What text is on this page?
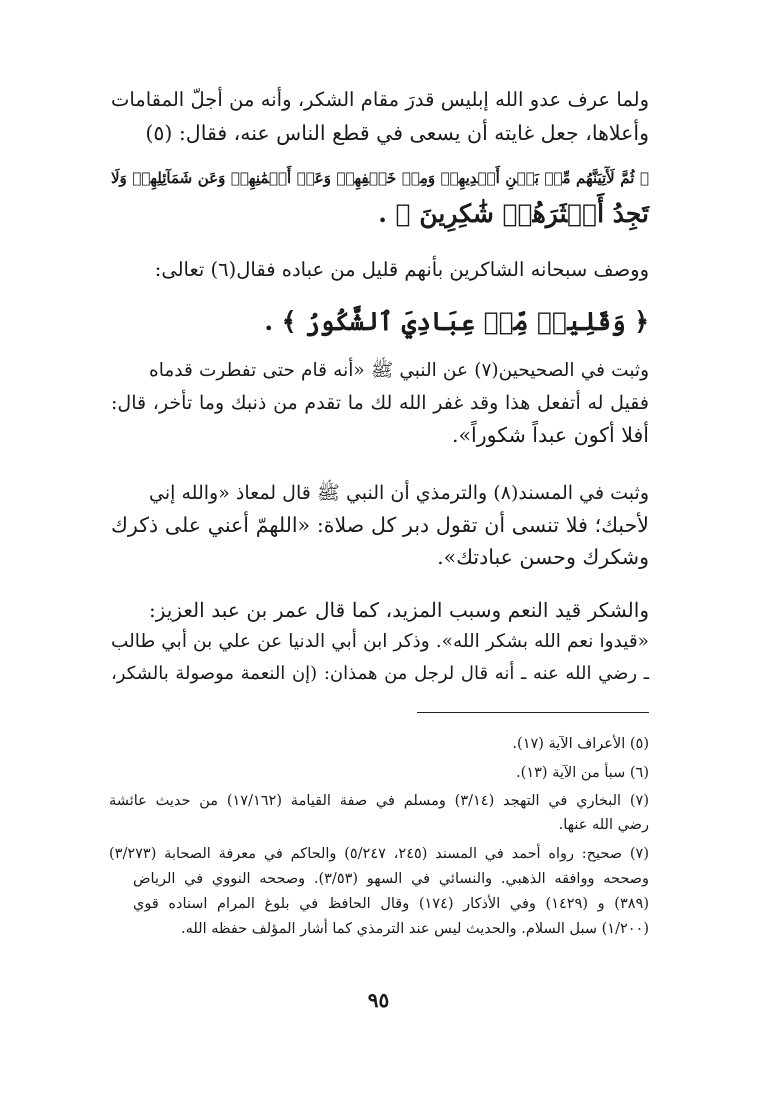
ولما عرف عدو الله إبليس قدرَ مقام الشكر، وأنه من أجلّ المقامات
وأعلاها، جعل غايته أن يسعى في قطع الناس عنه، فقال: (٥)
﴿ ثُمَّ لَأٓتِيَنَّهُم مِّنۢ بَيۡنِ أَيۡدِيهِمۡ وَمِنۡ خَلۡفِهِمۡ وَعَنۡ أَيۡمَٰنِهِمۡ وَعَن شَمَآئِلِهِمۡ وَلَا
تَجِدُ أَكۡثَرَهُمۡ شَٰكِرِينَ ﴾ .
ووصف سبحانه الشاكرين بأنهم قليل من عباده فقال(٦) تعالى:
﴿ وَقَلِيلٞ مِّنۡ عِبَادِيَ ٱلشَّكُورُ ﴾ .
وثبت في الصحيحين(٧) عن النبي ﷺ «أنه قام حتى تفطرت قدماه
فقيل له أتفعل هذا وقد غفر الله لك ما تقدم من ذنبك وما تأخر، قال:
أفلا أكون عبداً شكوراً».
وثبت في المسند(٨) والترمذي أن النبي ﷺ قال لمعاذ «والله إني
لأحبك؛ فلا تنسى أن تقول دبر كل صلاة: «اللهمّ أعني على ذكرك
وشكرك وحسن عبادتك».
والشكر قيد النعم وسبب المزيد، كما قال عمر بن عبد العزيز:
«قيدوا نعم الله بشكر الله». وذكر ابن أبي الدنيا عن علي بن أبي طالب
ـ رضي الله عنه ـ أنه قال لرجل من همذان: (إن النعمة موصولة بالشكر،
(٥) الأعراف الآية (١٧).
(٦) سبأ من الآية (١٣).
(٧) البخاري في التهجد (٣/١٤) ومسلم في صفة القيامة (١٧/١٦٢) من حديث عائشة
رضي الله عنها.
(٧) صحيح: رواه أحمد في المسند (٢٤٥، ٥/٢٤٧) والحاكم في معرفة الصحابة (٣/٢٧٣)
وصححه ووافقه الذهبي. والنسائي في السهو (٣/٥٣). وصححه النووي في الرياض
(٣٨٩) و (١٤٢٩) وفي الأذكار (١٧٤) وقال الحافظ في بلوغ المرام اسناده قوي
(١/٢٠٠) سبل السلام. والحديث ليس عند الترمذي كما أشار المؤلف حفظه الله.
٩٥
